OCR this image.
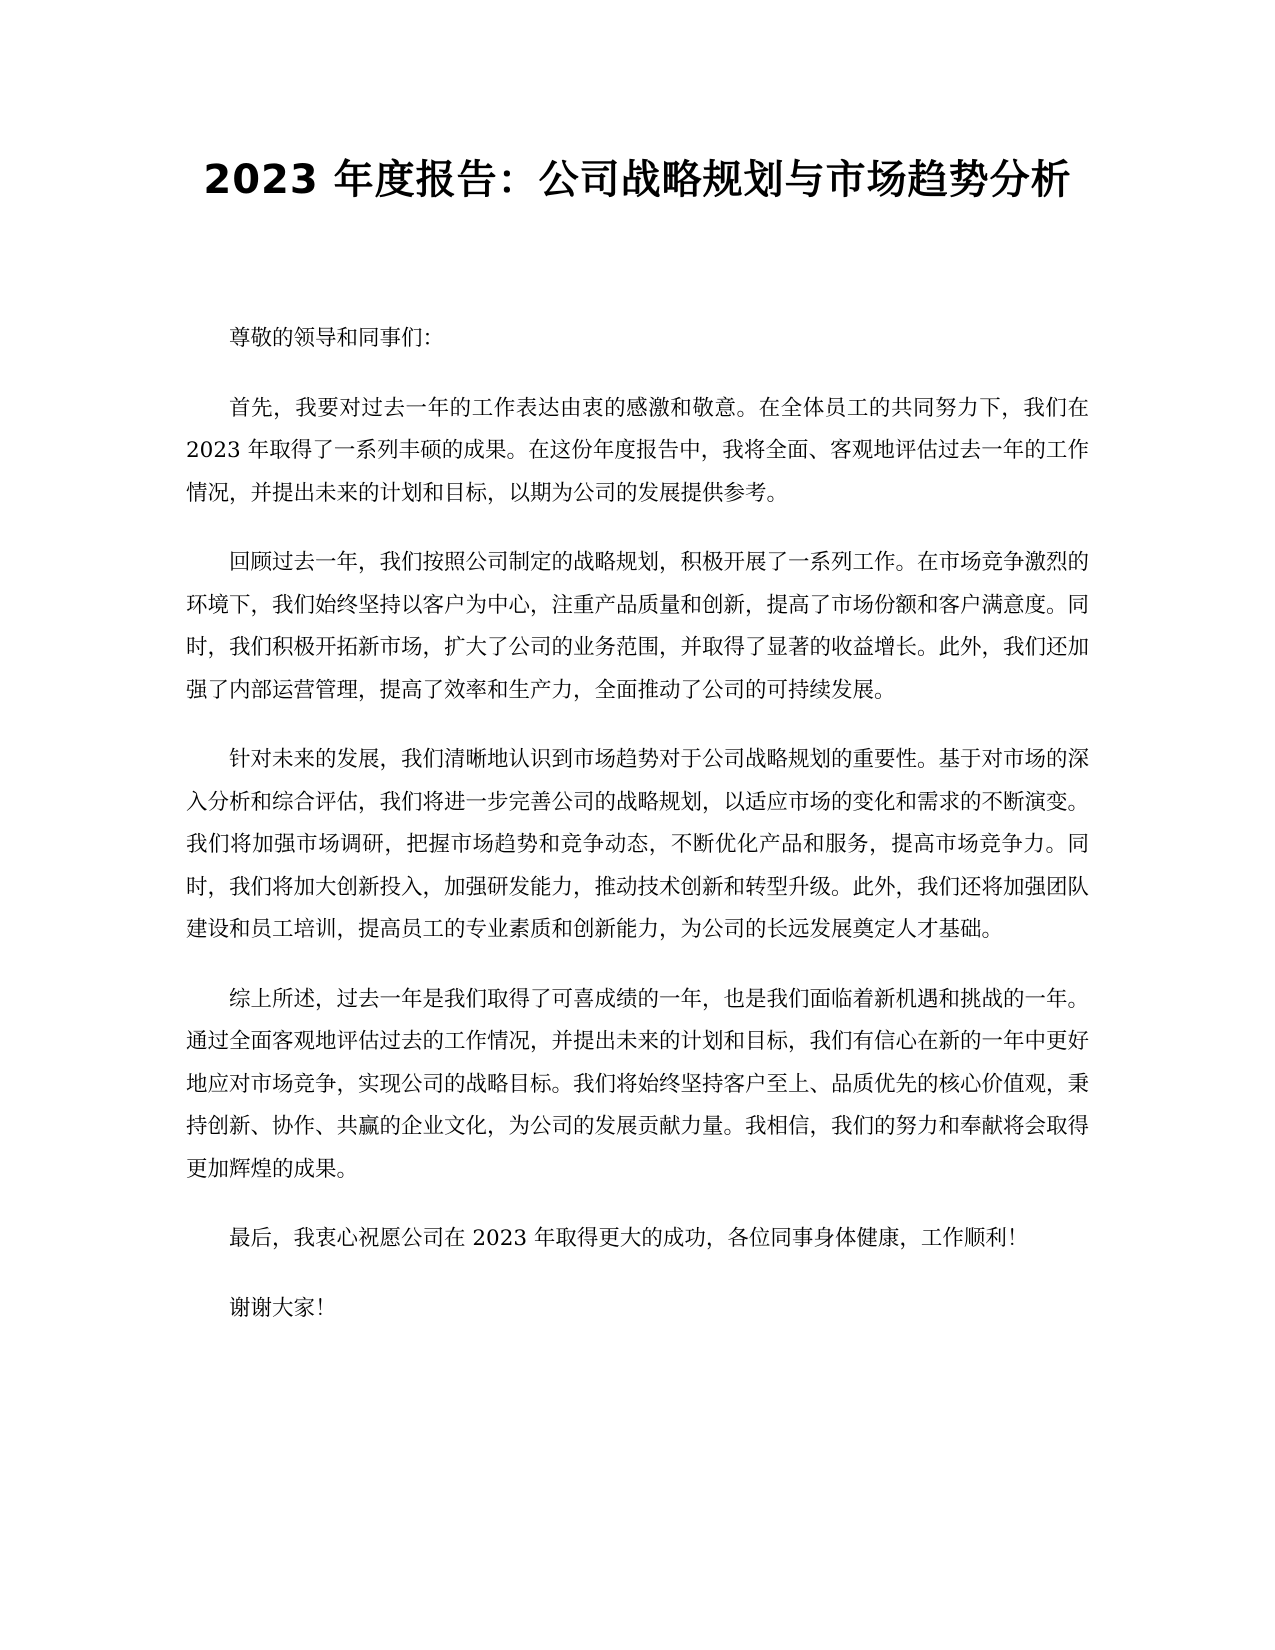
2023 年度报告：公司战略规划与市场趋势分析

尊敬的领导和同事们：

首先，我要对过去一年的工作表达由衷的感激和敬意。在全体员工的共同努力下，我们在 2023 年取得了一系列丰硕的成果。在这份年度报告中，我将全面、客观地评估过去一年的工作情况，并提出未来的计划和目标，以期为公司的发展提供参考。

回顾过去一年，我们按照公司制定的战略规划，积极开展了一系列工作。在市场竞争激烈的环境下，我们始终坚持以客户为中心，注重产品质量和创新，提高了市场份额和客户满意度。同时，我们积极开拓新市场，扩大了公司的业务范围，并取得了显著的收益增长。此外，我们还加强了内部运营管理，提高了效率和生产力，全面推动了公司的可持续发展。

针对未来的发展，我们清晰地认识到市场趋势对于公司战略规划的重要性。基于对市场的深入分析和综合评估，我们将进一步完善公司的战略规划，以适应市场的变化和需求的不断演变。我们将加强市场调研，把握市场趋势和竞争动态，不断优化产品和服务，提高市场竞争力。同时，我们将加大创新投入，加强研发能力，推动技术创新和转型升级。此外，我们还将加强团队建设和员工培训，提高员工的专业素质和创新能力，为公司的长远发展奠定人才基础。

综上所述，过去一年是我们取得了可喜成绩的一年，也是我们面临着新机遇和挑战的一年。通过全面客观地评估过去的工作情况，并提出未来的计划和目标，我们有信心在新的一年中更好地应对市场竞争，实现公司的战略目标。我们将始终坚持客户至上、品质优先的核心价值观，秉持创新、协作、共赢的企业文化，为公司的发展贡献力量。我相信，我们的努力和奉献将会取得更加辉煌的成果。

最后，我衷心祝愿公司在 2023 年取得更大的成功，各位同事身体健康，工作顺利！

谢谢大家！
